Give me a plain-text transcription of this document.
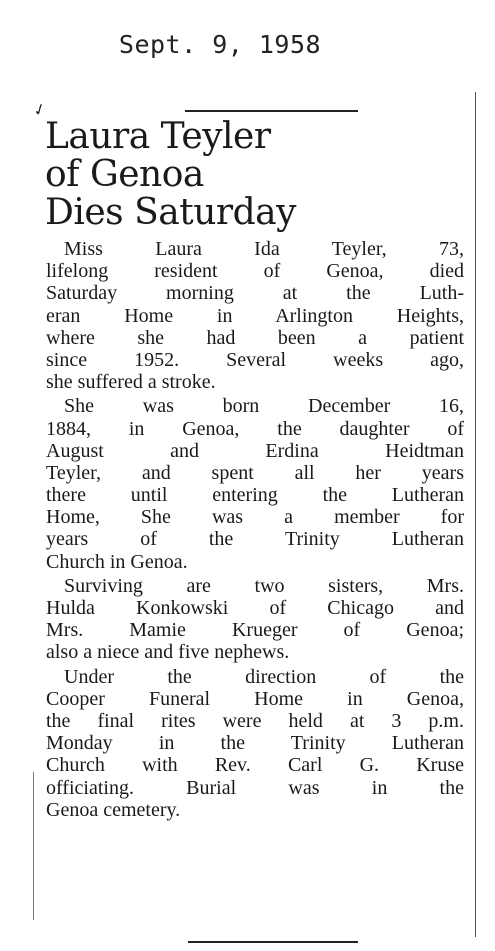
Sept. 9, 1958
✓
Laura Teyler
of Genoa
Dies Saturday
Miss Laura Ida Teyler, 73,
lifelong resident of Genoa, died
Saturday morning at the Luth-
eran Home in Arlington Heights,
where she had been a patient
since 1952. Several weeks ago,
she suffered a stroke.
She was born December 16,
1884, in Genoa, the daughter of
August and Erdina Heidtman
Teyler, and spent all her years
there until entering the Lutheran
Home, She was a member for
years of the Trinity Lutheran
Church in Genoa.
Surviving are two sisters, Mrs.
Hulda Konkowski of Chicago and
Mrs. Mamie Krueger of Genoa;
also a niece and five nephews.
Under the direction of the
Cooper Funeral Home in Genoa,
the final rites were held at 3 p.m.
Monday in the Trinity Lutheran
Church with Rev. Carl G. Kruse
officiating. Burial was in the
Genoa cemetery.
